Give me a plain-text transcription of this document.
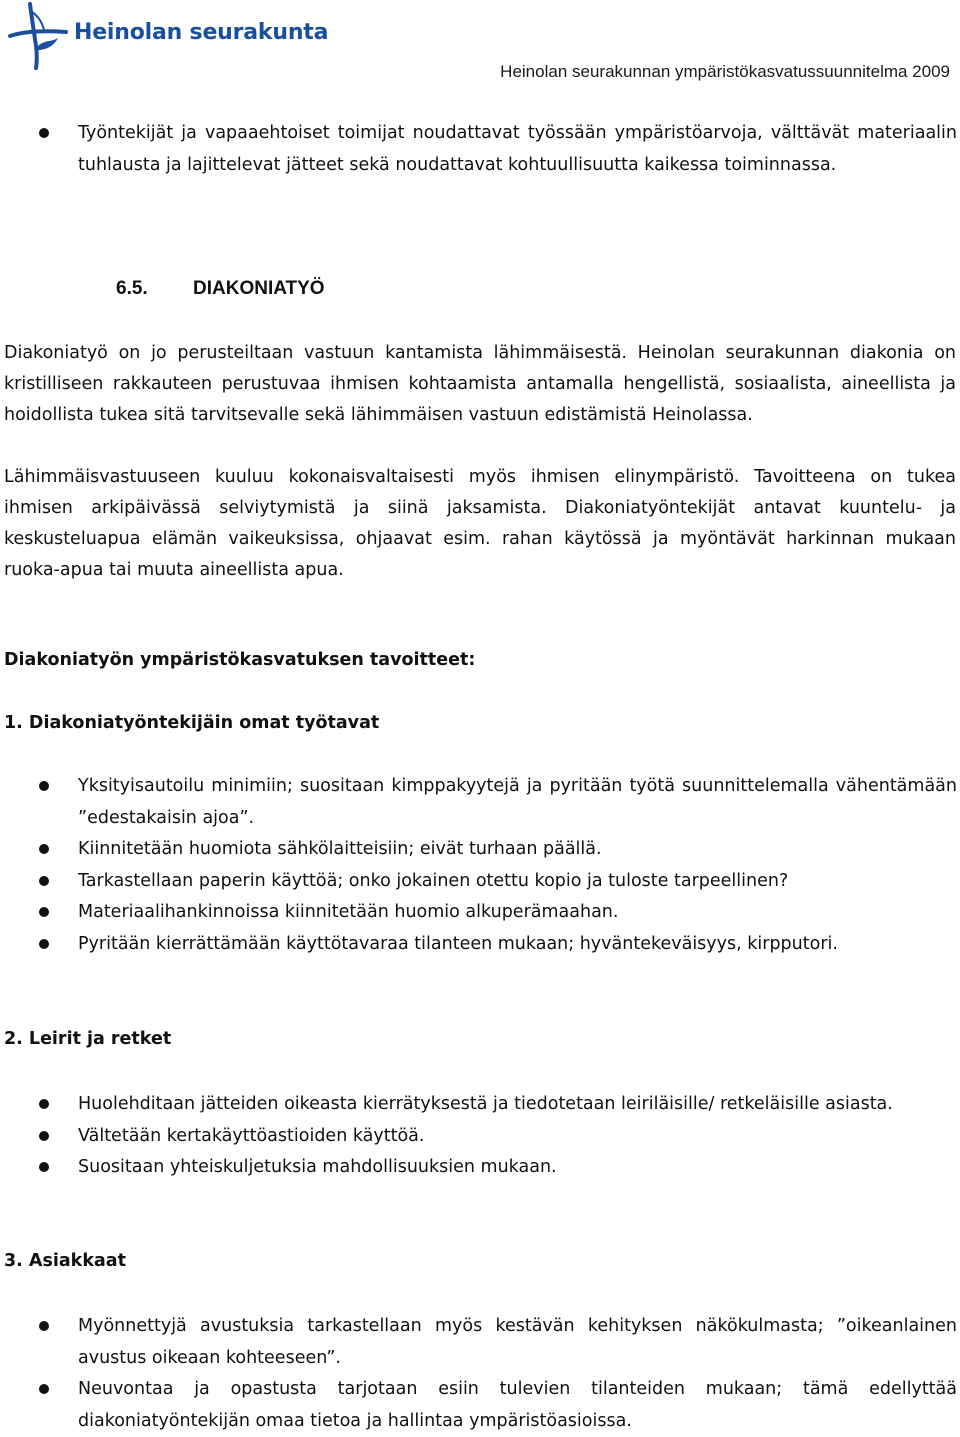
Heinolan seurakunta
Heinolan seurakunnan ympäristökasvatussuunnitelma 2009
Työntekijät ja vapaaehtoiset toimijat noudattavat työssään ympäristöarvoja, välttävät materiaalin tuhlausta ja lajittelevat jätteet sekä noudattavat kohtuullisuutta kaikessa toiminnassa.
6.5. DIAKONIATYÖ

Diakoniatyö on jo perusteiltaan vastuun kantamista lähimmäisestä. Heinolan seurakunnan diakonia on kristilliseen rakkauteen perustuvaa ihmisen kohtaamista antamalla hengellistä, sosiaalista, aineellista ja hoidollista tukea sitä tarvitsevalle sekä lähimmäisen vastuun edistämistä Heinolassa.

Lähimmäisvastuuseen kuuluu kokonaisvaltaisesti myös ihmisen elinympäristö. Tavoitteena on tukea ihmisen arkipäivässä selviytymistä ja siinä jaksamista. Diakoniatyöntekijät antavat kuuntelu- ja keskusteluapua elämän vaikeuksissa, ohjaavat esim. rahan käytössä ja myöntävät harkinnan mukaan ruoka-apua tai muuta aineellista apua.

Diakoniatyön ympäristökasvatuksen tavoitteet:
1. Diakoniatyöntekijäin omat työtavat
Yksityisautoilu minimiin; suositaan kimppakyytejä ja pyritään työtä suunnittelemalla vähentämään ”edestakaisin ajoa”.
Kiinnitetään huomiota sähkölaitteisiin; eivät turhaan päällä.
Tarkastellaan paperin käyttöä; onko jokainen otettu kopio ja tuloste tarpeellinen?
Materiaalihankinnoissa kiinnitetään huomio alkuperämaahan.
Pyritään kierrättämään käyttötavaraa tilanteen mukaan; hyväntekeväisyys, kirpputori.
2. Leirit ja retket
Huolehditaan jätteiden oikeasta kierrätyksestä ja tiedotetaan leiriläisille/ retkeläisille asiasta.
Vältetään kertakäyttöastioiden käyttöä.
Suositaan yhteiskuljetuksia mahdollisuuksien mukaan.
3. Asiakkaat
Myönnettyjä avustuksia tarkastellaan myös kestävän kehityksen näkökulmasta; ”oikeanlainen avustus oikeaan kohteeseen”.
Neuvontaa ja opastusta tarjotaan esiin tulevien tilanteiden mukaan; tämä edellyttää diakoniatyöntekijän omaa tietoa ja hallintaa ympäristöasioissa.
